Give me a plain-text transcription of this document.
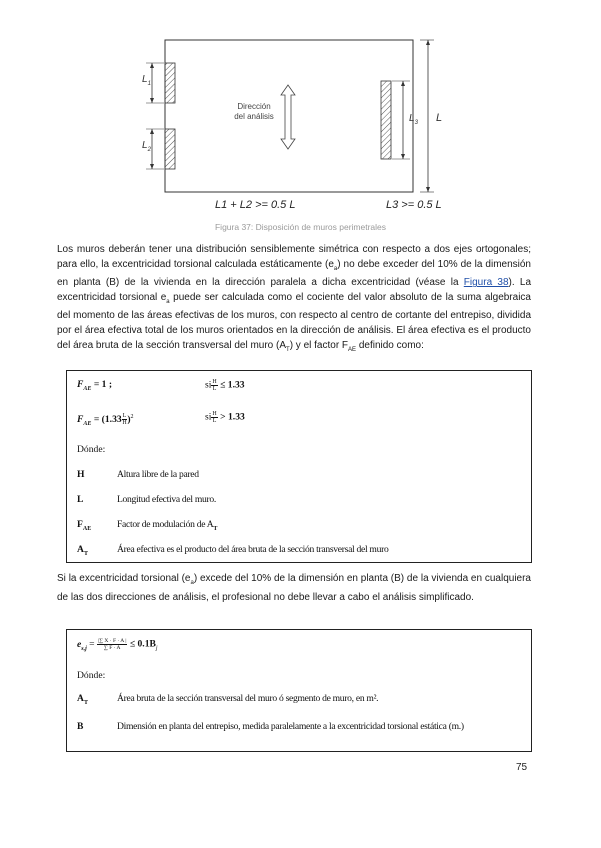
$L_1$
$L_2$
$L_3$ L
Dirección
del análisis
L1 + L2 >= 0.5 L	L3 >= 0.5 L
Figura 37: Disposición de muros perimetrales
Los muros deberán tener una distribución sensiblemente simétrica con respecto a dos ejes ortogonales; para ello, la excentricidad torsional calculada estáticamente $(e_a)$ no debe exceder del 10% de la dimensión en planta (B) de la vivienda en la dirección paralela a dicha excentricidad (véase la Figura 38). La excentricidad torsional $e_a$ puede ser calculada como el cociente del valor absoluto de la suma algebraica del momento de las áreas efectivas de los muros, con respecto al centro de cortante del entrepiso, dividida por el área efectiva total de los muros orientados en la dirección de análisis. El área efectiva es el producto del área bruta de la sección transversal del muro $(A_T)$ y el factor $F_{AE}$ definido como:
$F_{AE} = 1$ ;	si $\frac{H}{L} \le 1.33$
$F_{AE} = (1.33 \frac{L}{H} )^2$	si $\frac{H}{L} > 1.33$
Dónde:
H	Altura libre de la pared
L	Longitud efectiva del muro.
$F_{AE}$	Factor de modulación de $A_T$
$A_T$	Área efectiva es el producto del área bruta de la sección transversal del muro
Si la excentricidad torsional $(e_a)$ excede del 10% de la dimensión en planta (B) de la vivienda en cualquiera de las dos direcciones de análisis, el profesional no debe llevar a cabo el análisis simplificado.
$e_{s,j} = \frac{|\sum X \cdot F \cdot A |}{\sum F \cdot A} \le 0.1B_j$
Dónde:
$A_T$	Área bruta de la sección transversal del muro ó segmento de muro, en m².
B	Dimensión en planta del entrepiso, medida paralelamente a la excentricidad torsional estática (m.)
75
